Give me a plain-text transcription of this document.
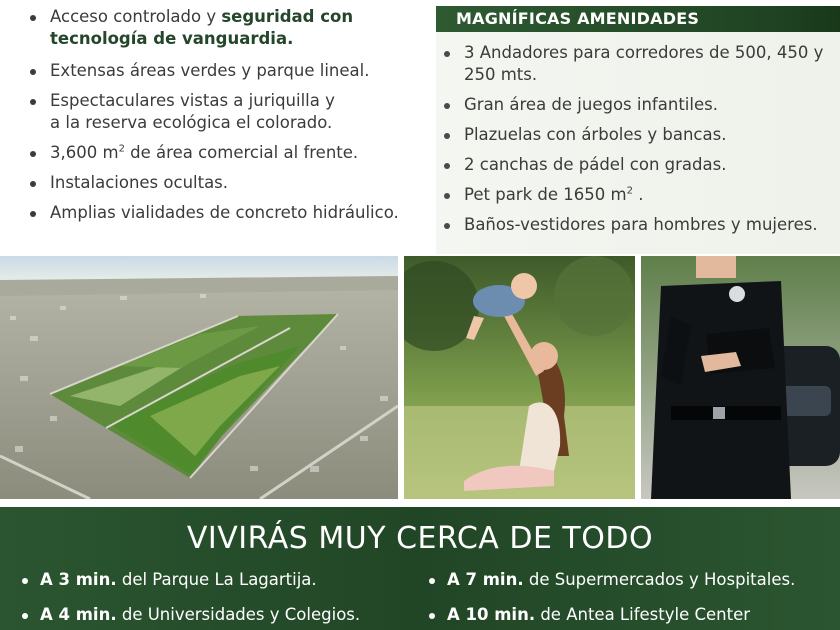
Acceso controlado y seguridad con tecnología de vanguardia.
Extensas áreas verdes y parque lineal.
Espectaculares vistas a juriquilla y a la reserva ecológica el colorado.
3,600 $m^2$ de área comercial al frente.
Instalaciones ocultas.
Amplias vialidades de concreto hidráulico.
MAGNÍFICAS AMENIDADES
3 Andadores para corredores de 500, 450 y 250 mts.
Gran área de juegos infantiles.
Plazuelas con árboles y bancas.
2 canchas de pádel con gradas.
Pet park de 1650 $m^2$ .
Baños-vestidores para hombres y mujeres.
VIVIRÁS MUY CERCA DE TODO
A 3 min. del Parque La Lagartija.	A 7 min. de Supermercados y Hospitales.
A 4 min. de Universidades y Colegios.	A 10 min. de Antea Lifestyle Center
